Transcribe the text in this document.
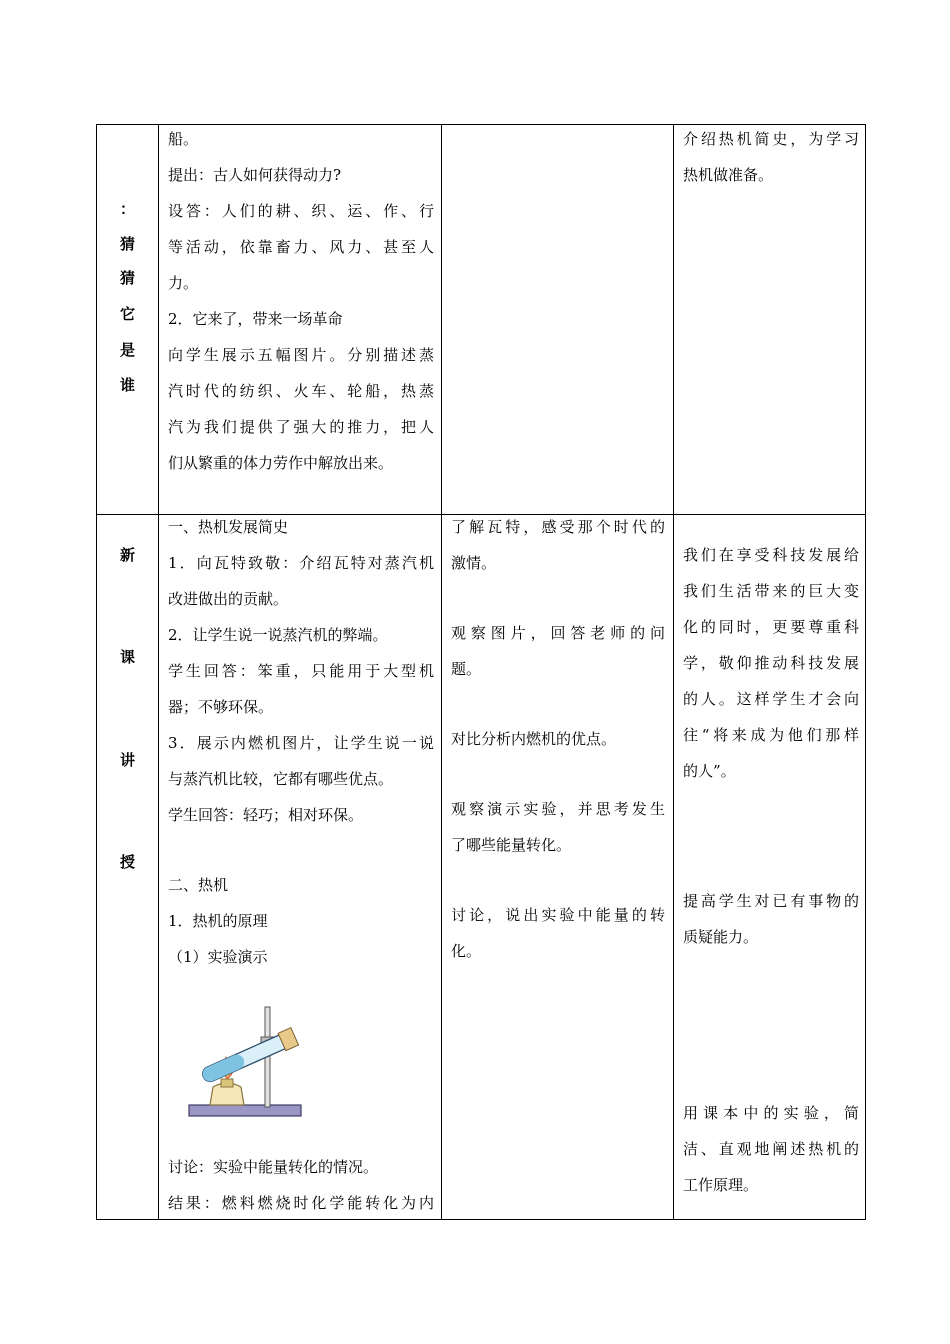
：
猜
猜
它
是
谁

船。

提出：古人如何获得动力?

设答：人们的耕、织、运、作、行

等活动，依靠畜力、风力、甚至人

力。

2．它来了，带来一场革命

向学生展示五幅图片。分别描述蒸

汽时代的纺织、火车、轮船，热蒸

汽为我们提供了强大的推力，把人

们从繁重的体力劳作中解放出来。

介绍热机简史，为学习

热机做准备。

新
课
讲
授

一、热机发展简史

1．向瓦特致敬：介绍瓦特对蒸汽机

改进做出的贡献。

2．让学生说一说蒸汽机的弊端。

学生回答：笨重，只能用于大型机

器；不够环保。

3．展示内燃机图片，让学生说一说

与蒸汽机比较，它都有哪些优点。

学生回答：轻巧；相对环保。

二、热机

1．热机的原理

（1）实验演示

讨论：实验中能量转化的情况。

结果：燃料燃烧时化学能转化为内

了解瓦特，感受那个时代的

激情。

观察图片，回答老师的问

题。

对比分析内燃机的优点。

观察演示实验，并思考发生

了哪些能量转化。

讨论，说出实验中能量的转

化。

我们在享受科技发展给

我们生活带来的巨大变

化的同时，更要尊重科

学，敬仰推动科技发展

的人。这样学生才会向

往“将来成为他们那样

的人”。

提高学生对已有事物的

质疑能力。

用课本中的实验，简

洁、直观地阐述热机的

工作原理。
